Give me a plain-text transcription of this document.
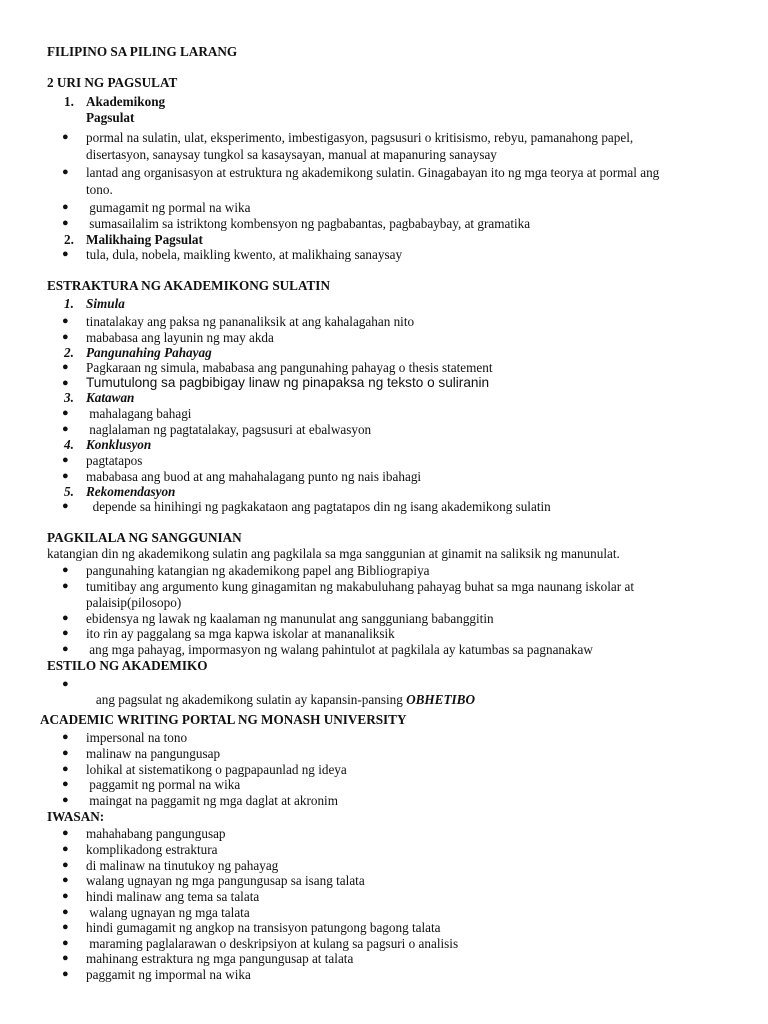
FILIPINO SA PILING LARANG
2 URI NG PAGSULAT
1. Akademikong
Pagsulat
● pormal na sulatin, ulat, eksperimento, imbestigasyon, pagsusuri o kritisismo, rebyu, pamanahong papel,
disertasyon, sanaysay tungkol sa kasaysayan, manual at mapanuring sanaysay
● lantad ang organisasyon at estruktura ng akademikong sulatin. Ginagabayan ito ng mga teorya at pormal ang
tono.
● gumagamit ng pormal na wika
● sumasailalim sa istriktong kombensyon ng pagbabantas, pagbabaybay, at gramatika
2. Malikhaing Pagsulat
● tula, dula, nobela, maikling kwento, at malikhaing sanaysay
ESTRAKTURA NG AKADEMIKONG SULATIN
1. Simula
● tinatalakay ang paksa ng pananaliksik at ang kahalagahan nito
● mababasa ang layunin ng may akda
2. Pangunahing Pahayag
● Pagkaraan ng simula, mababasa ang pangunahing pahayag o thesis statement
● Tumutulong sa pagbibigay linaw ng pinapaksa ng teksto o suliranin
3. Katawan
● mahalagang bahagi
● naglalaman ng pagtatalakay, pagsusuri at ebalwasyon
4. Konklusyon
● pagtatapos
● mababasa ang buod at ang mahahalagang punto ng nais ibahagi
5. Rekomendasyon
● depende sa hinihingi ng pagkakataon ang pagtatapos din ng isang akademikong sulatin
PAGKILALA NG SANGGUNIAN
katangian din ng akademikong sulatin ang pagkilala sa mga sanggunian at ginamit na saliksik ng manunulat.
● pangunahing katangian ng akademikong papel ang Bibliograpiya
● tumitibay ang argumento kung ginagamitan ng makabuluhang pahayag buhat sa mga naunang iskolar at
palaisip(pilosopo)
● ebidensya ng lawak ng kaalaman ng manunulat ang sangguniang babanggitin
● ito rin ay paggalang sa mga kapwa iskolar at mananaliksik
● ang mga pahayag, impormasyon ng walang pahintulot at pagkilala ay katumbas sa pagnanakaw
ESTILO NG AKADEMIKO
●

ang pagsulat ng akademikong sulatin ay kapansin-pansing OBHETIBO

ACADEMIC WRITING PORTAL NG MONASH UNIVERSITY
● impersonal na tono
● malinaw na pangungusap
● lohikal at sistematikong o pagpapaunlad ng ideya
● paggamit ng pormal na wika
● maingat na paggamit ng mga daglat at akronim
IWASAN:
● mahahabang pangungusap
● komplikadong estraktura
● di malinaw na tinutukoy ng pahayag
● walang ugnayan ng mga pangungusap sa isang talata
● hindi malinaw ang tema sa talata
● walang ugnayan ng mga talata
● hindi gumagamit ng angkop na transisyon patungong bagong talata
● maraming paglalarawan o deskripsiyon at kulang sa pagsuri o analisis
● mahinang estraktura ng mga pangungusap at talata
● paggamit ng impormal na wika
